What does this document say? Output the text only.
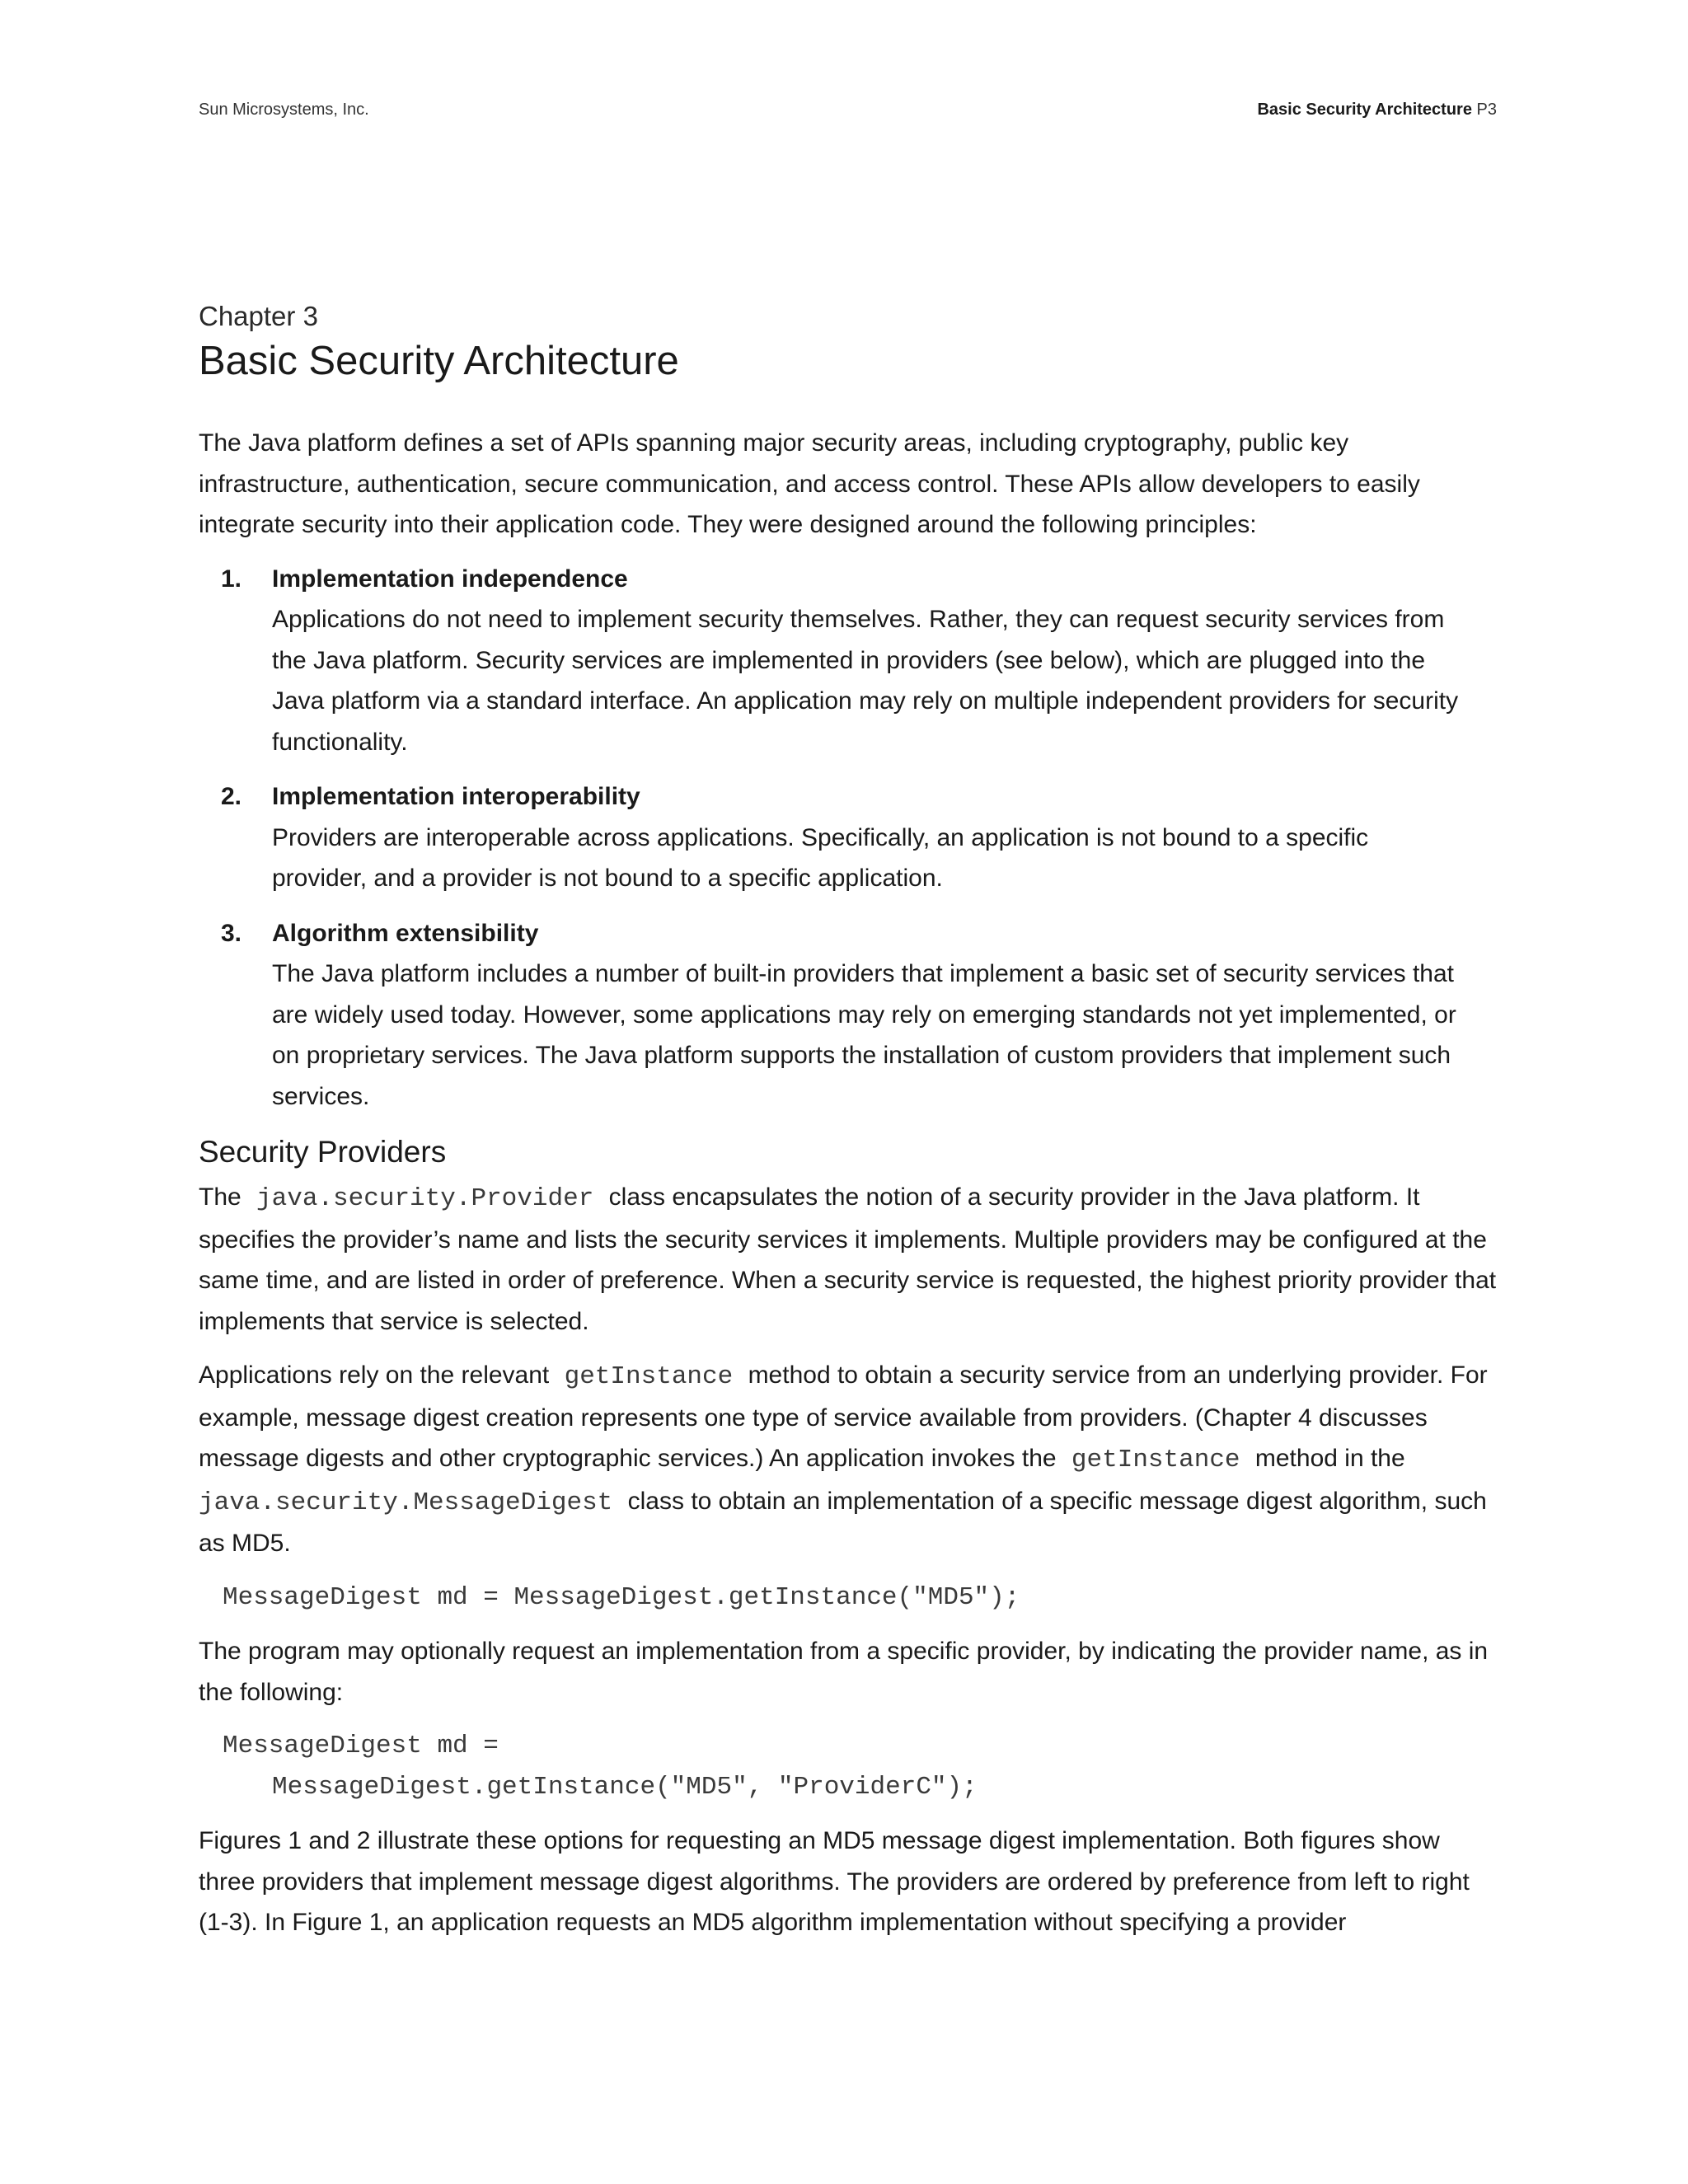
Sun Microsystems, Inc.	Basic Security Architecture P3

Chapter 3

Basic Security Architecture

The Java platform defines a set of APIs spanning major security areas, including cryptography, public key infrastructure, authentication, secure communication, and access control. These APIs allow developers to easily integrate security into their application code. They were designed around the following principles:

1. Implementation independence

Applications do not need to implement security themselves. Rather, they can request security services from the Java platform. Security services are implemented in providers (see below), which are plugged into the Java platform via a standard interface. An application may rely on multiple independent providers for security functionality.

2. Implementation interoperability

Providers are interoperable across applications. Specifically, an application is not bound to a specific provider, and a provider is not bound to a specific application.

3. Algorithm extensibility

The Java platform includes a number of built-in providers that implement a basic set of security services that are widely used today. However, some applications may rely on emerging standards not yet implemented, or on proprietary services. The Java platform supports the installation of custom providers that implement such services.

Security Providers

The java.security.Provider class encapsulates the notion of a security provider in the Java platform. It specifies the provider’s name and lists the security services it implements. Multiple providers may be configured at the same time, and are listed in order of preference. When a security service is requested, the highest priority provider that implements that service is selected.

Applications rely on the relevant getInstance method to obtain a security service from an underlying provider. For example, message digest creation represents one type of service available from providers. (Chapter 4 discusses message digests and other cryptographic services.) An application invokes the getInstance method in the
java.security.MessageDigest class to obtain an implementation of a specific message digest algorithm, such as MD5.

MessageDigest md = MessageDigest.getInstance("MD5");

The program may optionally request an implementation from a specific provider, by indicating the provider name, as in the following:

MessageDigest md =
MessageDigest.getInstance("MD5", "ProviderC");

Figures 1 and 2 illustrate these options for requesting an MD5 message digest implementation. Both figures show three providers that implement message digest algorithms. The providers are ordered by preference from left to right (1-3). In Figure 1, an application requests an MD5 algorithm implementation without specifying a provider
